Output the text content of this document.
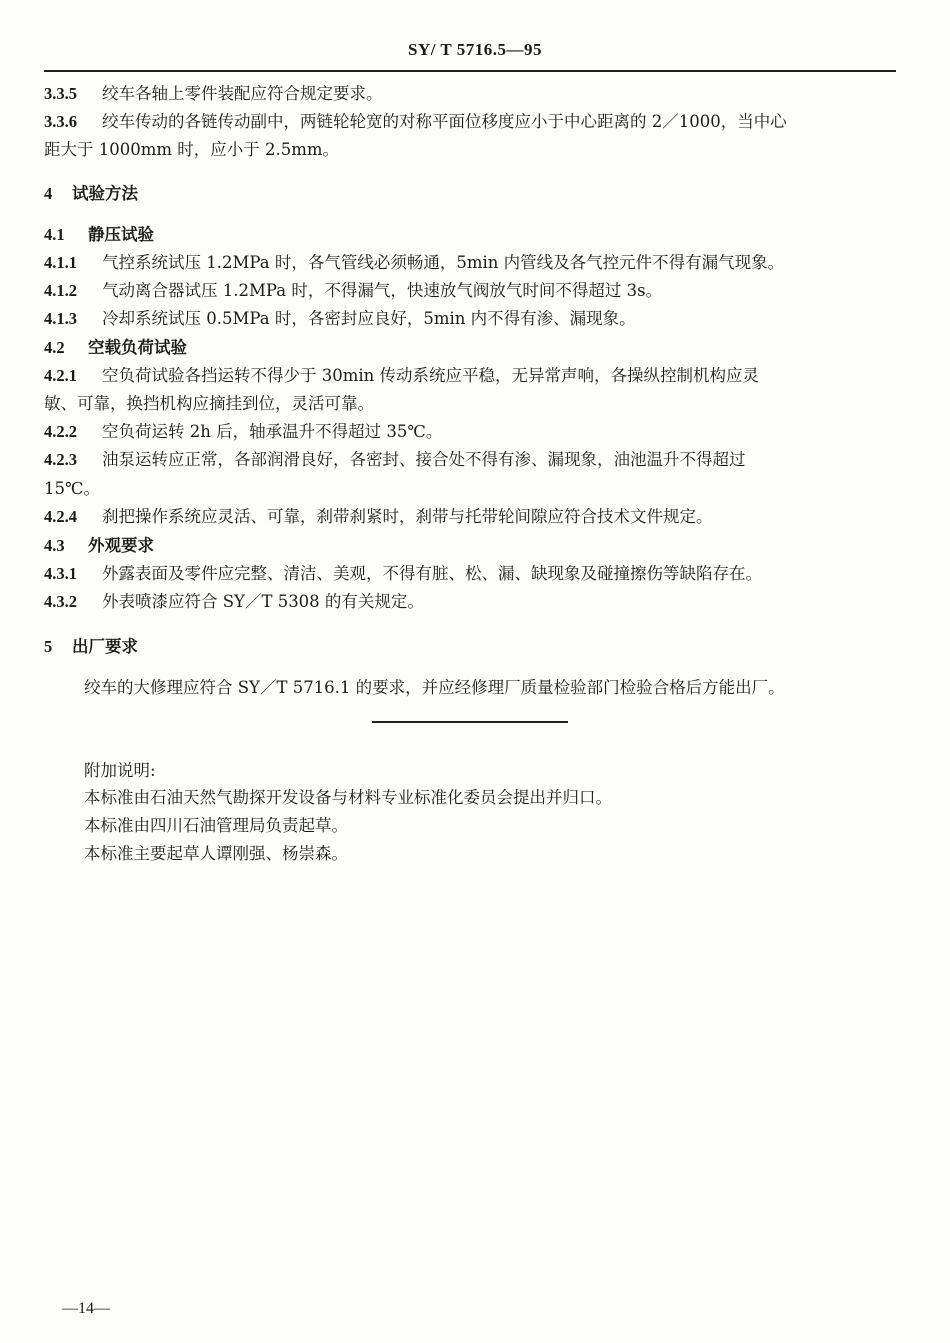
SY/ T 5716.5—95
3.3.5 绞车各轴上零件装配应符合规定要求。
3.3.6 绞车传动的各链传动副中，两链轮轮宽的对称平面位移度应小于中心距离的 2／1000，当中心
距大于 1000mm 时，应小于 2.5mm。
4 试验方法
4.1 静压试验
4.1.1 气控系统试压 1.2MPa 时，各气管线必须畅通，5min 内管线及各气控元件不得有漏气现象。
4.1.2 气动离合器试压 1.2MPa 时，不得漏气，快速放气阀放气时间不得超过 3s。
4.1.3 冷却系统试压 0.5MPa 时，各密封应良好，5min 内不得有渗、漏现象。
4.2 空载负荷试验
4.2.1 空负荷试验各挡运转不得少于 30min 传动系统应平稳，无异常声响，各操纵控制机构应灵
敏、可靠，换挡机构应摘挂到位，灵活可靠。
4.2.2 空负荷运转 2h 后，轴承温升不得超过 35℃。
4.2.3 油泵运转应正常，各部润滑良好，各密封、接合处不得有渗、漏现象，油池温升不得超过
15℃。
4.2.4 刹把操作系统应灵活、可靠，刹带刹紧时，刹带与托带轮间隙应符合技术文件规定。
4.3 外观要求
4.3.1 外露表面及零件应完整、清洁、美观，不得有脏、松、漏、缺现象及碰撞擦伤等缺陷存在。
4.3.2 外表喷漆应符合 SY／T 5308 的有关规定。
5 出厂要求
绞车的大修理应符合 SY／T 5716.1 的要求，并应经修理厂质量检验部门检验合格后方能出厂。
附加说明:
本标准由石油天然气勘探开发设备与材料专业标准化委员会提出并归口。
本标准由四川石油管理局负责起草。
本标准主要起草人谭刚强、杨崇森。
—14—
